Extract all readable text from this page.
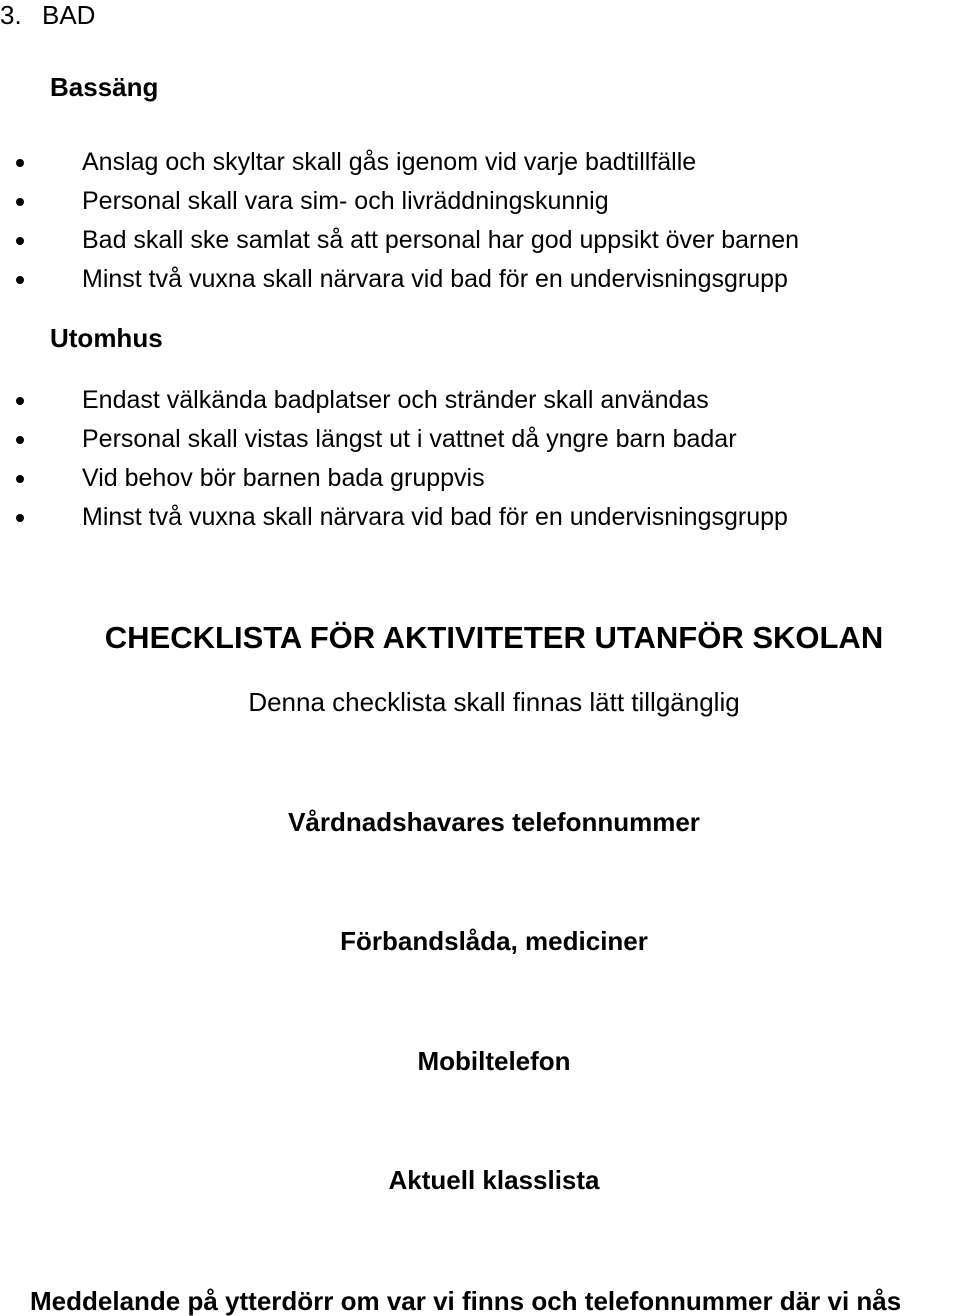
3. BAD
Bassäng
Anslag och skyltar skall gås igenom vid varje badtillfälle
Personal skall vara sim- och livräddningskunnig
Bad skall ske samlat så att personal har god uppsikt över barnen
Minst två vuxna skall närvara vid bad för en undervisningsgrupp
Utomhus
Endast välkända badplatser och stränder skall användas
Personal skall vistas längst ut i vattnet då yngre barn badar
Vid behov bör barnen bada gruppvis
Minst två vuxna skall närvara vid bad för en undervisningsgrupp
CHECKLISTA FÖR AKTIVITETER UTANFÖR SKOLAN
Denna checklista skall finnas lätt tillgänglig
Vårdnadshavares telefonnummer
Förbandslåda, mediciner
Mobiltelefon
Aktuell klasslista
Meddelande på ytterdörr om var vi finns och telefonnummer där vi nås
